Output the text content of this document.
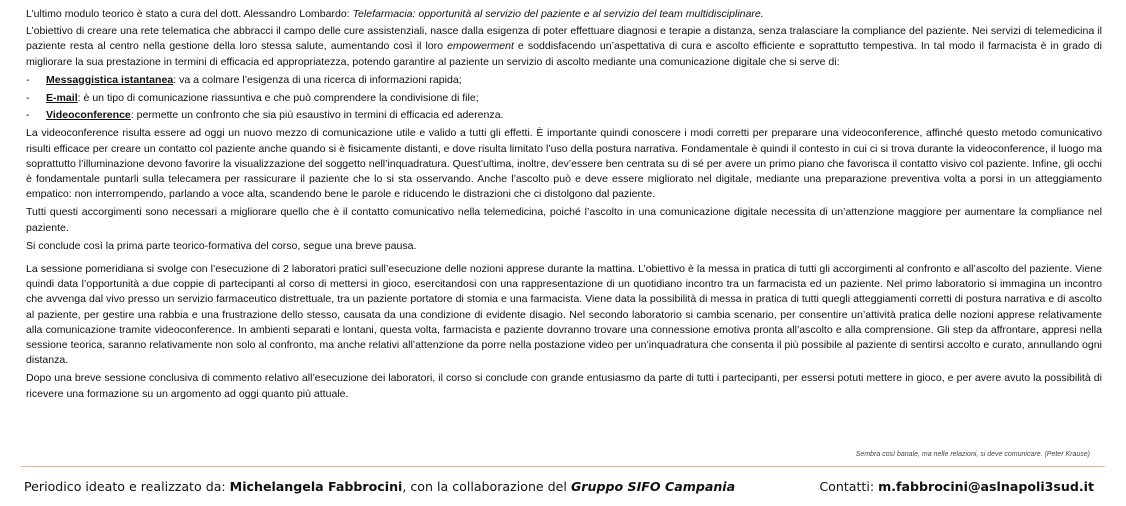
L’ultimo modulo teorico è stato a cura del dott. Alessandro Lombardo: Telefarmacia: opportunità al servizio del paziente e al servizio del team multidisciplinare.

L’obiettivo di creare una rete telematica che abbracci il campo delle cure assistenziali, nasce dalla esigenza di poter effettuare diagnosi e terapie a distanza, senza tralasciare la compliance del paziente. Nei servizi di telemedicina il paziente resta al centro nella gestione della loro stessa salute, aumentando così il loro empowerment e soddisfacendo un’aspettativa di cura e ascolto efficiente e soprattutto tempestiva. In tal modo il farmacista è in grado di migliorare la sua prestazione in termini di efficacia ed appropriatezza, potendo garantire al paziente un servizio di ascolto mediante una comunicazione digitale che si serve di:

- Messaggistica istantanea: va a colmare l’esigenza di una ricerca di informazioni rapida;
- E-mail: è un tipo di comunicazione riassuntiva e che può comprendere la condivisione di file;
- Videoconference: permette un confronto che sia più esaustivo in termini di efficacia ed aderenza.

La videoconference risulta essere ad oggi un nuovo mezzo di comunicazione utile e valido a tutti gli effetti. È importante quindi conoscere i modi corretti per preparare una videoconference, affinché questo metodo comunicativo risulti efficace per creare un contatto col paziente anche quando si è fisicamente distanti, e dove risulta limitato l’uso della postura narrativa. Fondamentale è quindi il contesto in cui ci si trova durante la videoconference, il luogo ma soprattutto l’illuminazione devono favorire la visualizzazione del soggetto nell’inquadratura. Quest’ultima, inoltre, dev’essere ben centrata su di sé per avere un primo piano che favorisca il contatto visivo col paziente. Infine, gli occhi è fondamentale puntarli sulla telecamera per rassicurare il paziente che lo si sta osservando. Anche l’ascolto può e deve essere migliorato nel digitale, mediante una preparazione preventiva volta a porsi in un atteggiamento empatico: non interrompendo, parlando a voce alta, scandendo bene le parole e riducendo le distrazioni che ci distolgono dal paziente.

Tutti questi accorgimenti sono necessari a migliorare quello che è il contatto comunicativo nella telemedicina, poiché l’ascolto in una comunicazione digitale necessita di un’attenzione maggiore per aumentare la compliance nel paziente.

Si conclude così la prima parte teorico-formativa del corso, segue una breve pausa.

La sessione pomeridiana si svolge con l’esecuzione di 2 laboratori pratici sull’esecuzione delle nozioni apprese durante la mattina. L’obiettivo è la messa in pratica di tutti gli accorgimenti al confronto e all’ascolto del paziente. Viene quindi data l’opportunità a due coppie di partecipanti al corso di mettersi in gioco, esercitandosi con una rappresentazione di un quotidiano incontro tra un farmacista ed un paziente. Nel primo laboratorio si immagina un incontro che avvenga dal vivo presso un servizio farmaceutico distrettuale, tra un paziente portatore di stomia e una farmacista. Viene data la possibilità di messa in pratica di tutti quegli atteggiamenti corretti di postura narrativa e di ascolto al paziente, per gestire una rabbia e una frustrazione dello stesso, causata da una condizione di evidente disagio. Nel secondo laboratorio si cambia scenario, per consentire un’attività pratica delle nozioni apprese relativamente alla comunicazione tramite videoconference. In ambienti separati e lontani, questa volta, farmacista e paziente dovranno trovare una connessione emotiva pronta all’ascolto e alla comprensione. Gli step da affrontare, appresi nella sessione teorica, saranno relativamente non solo al confronto, ma anche relativi all’attenzione da porre nella postazione video per un’inquadratura che consenta il più possibile al paziente di sentirsi accolto e curato, annullando ogni distanza.

Dopo una breve sessione conclusiva di commento relativo all’esecuzione dei laboratori, il corso si conclude con grande entusiasmo da parte di tutti i partecipanti, per essersi potuti mettere in gioco, e per avere avuto la possibilità di ricevere una formazione su un argomento ad oggi quanto più attuale.

Sembra così banale, ma nelle relazioni, si deve comunicare. (Peter Krause)
Periodico ideato e realizzato da: Michelangela Fabbrocini, con la collaborazione del Gruppo SIFO Campania	Contatti: m.fabbrocini@aslnapoli3sud.it
